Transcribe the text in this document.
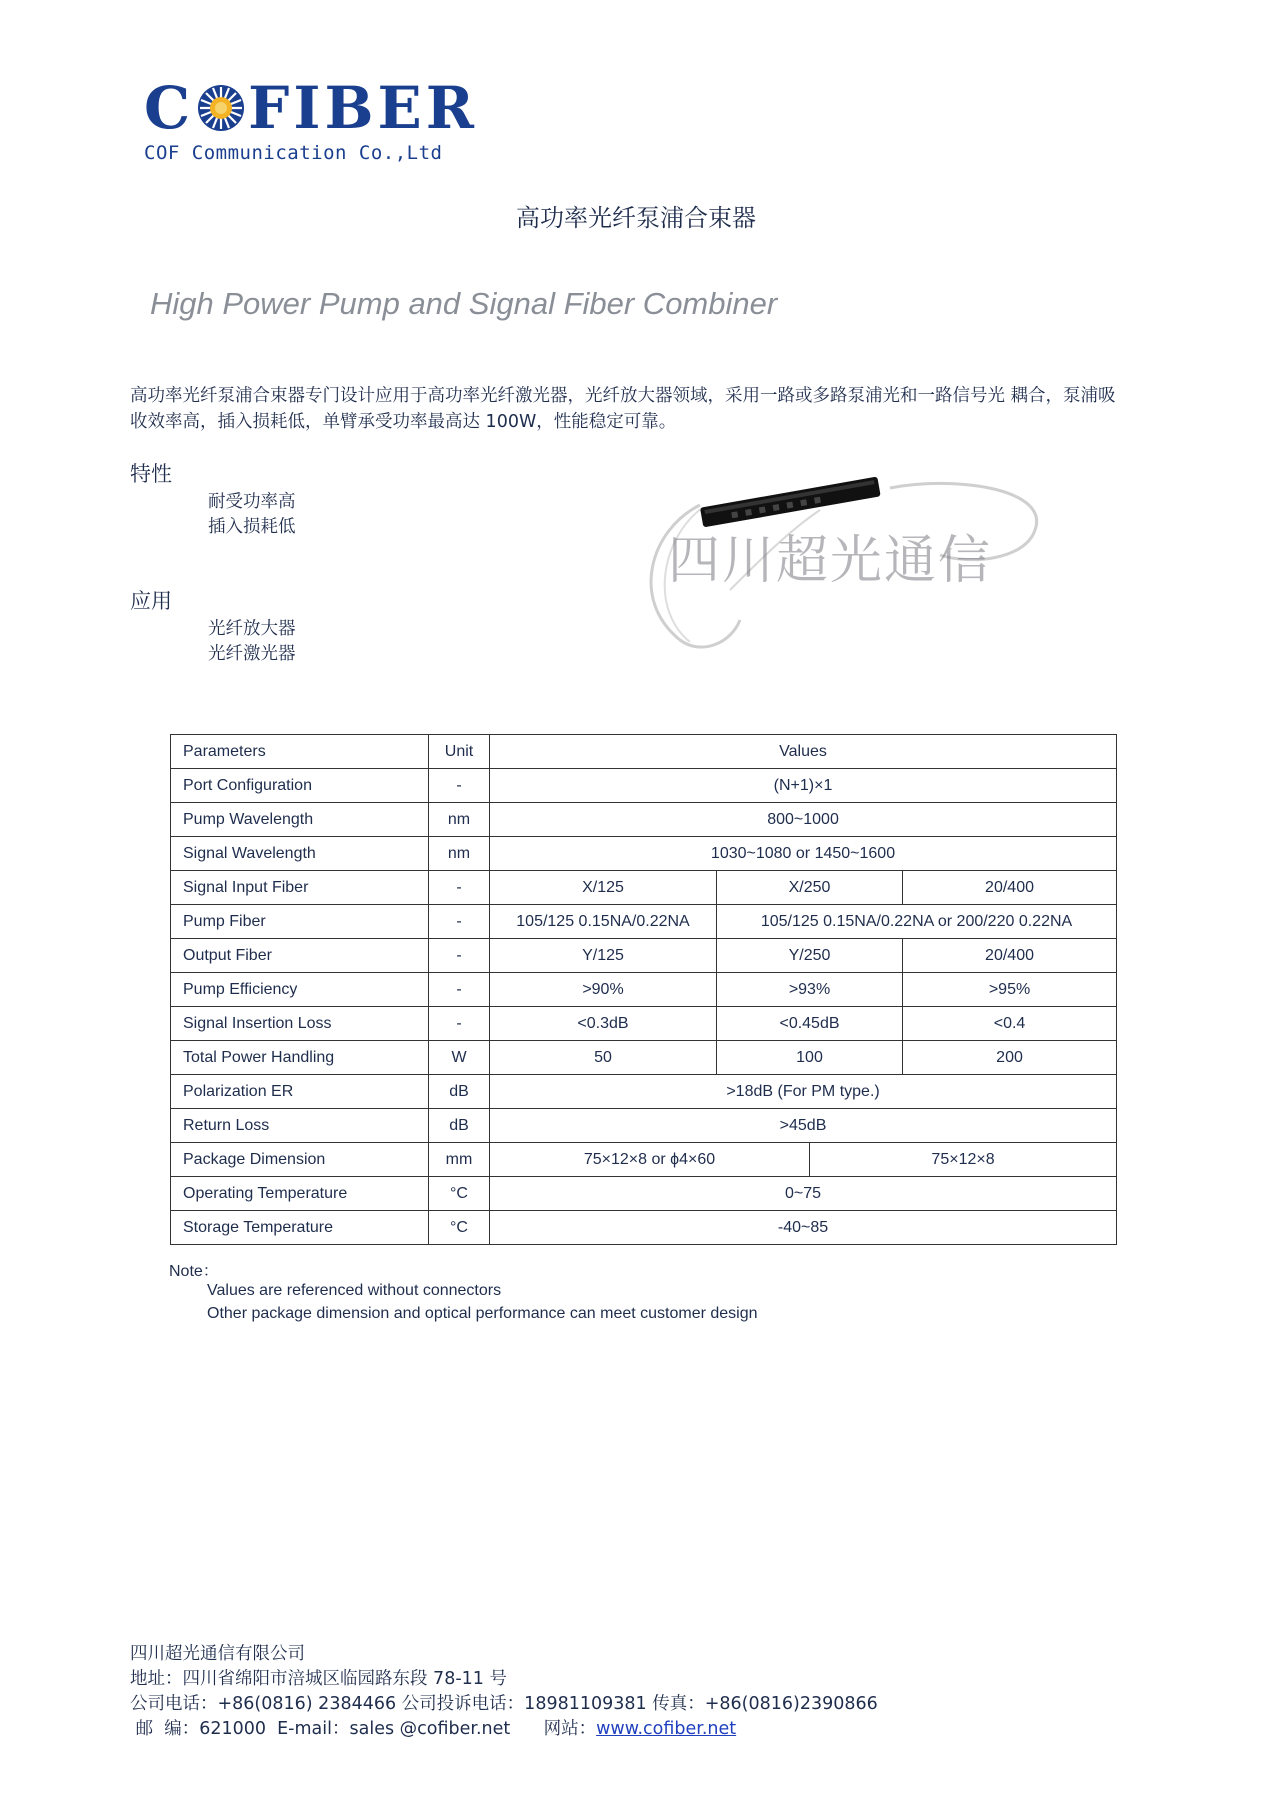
C FIBER
COF Communication Co.,Ltd
高功率光纤泵浦合束器
High Power Pump and Signal Fiber Combiner
高功率光纤泵浦合束器专门设计应用于高功率光纤激光器，光纤放大器领域，采用一路或多路泵浦光和一路信号光 耦合，泵浦吸收效率高，插入损耗低，单臂承受功率最高达 100W，性能稳定可靠。
特性
耐受功率高
插入损耗低
应用
光纤放大器
光纤激光器
四川超光通信
Parameters	Unit	Values			
Port Configuration	-	(N+1)×1			
Pump Wavelength	nm	800~1000			
Signal Wavelength	nm	1030~1080 or 1450~1600			
Signal Input Fiber	-	X/125	X/250		20/400
Pump Fiber	-	105/125 0.15NA/0.22NA	105/125 0.15NA/0.22NA or 200/220 0.22NA		
Output Fiber	-	Y/125	Y/250		20/400
Pump Efficiency	-	>90%	>93%		>95%
Signal Insertion Loss	-	<0.3dB	<0.45dB		<0.4
Total Power Handling	W	50	100		200
Polarization ER	dB	>18dB (For PM type.)			
Return Loss	dB	>45dB			
Package Dimension	mm	75×12×8 or ϕ4×60		75×12×8	
Operating Temperature	°C	0~75			
Storage Temperature	°C	-40~85			
Note：
Values are referenced without connectors
Other package dimension and optical performance can meet customer design
四川超光通信有限公司
地址：四川省绵阳市涪城区临园路东段 78-11 号
公司电话：+86(0816) 2384466 公司投诉电话：18981109381 传真：+86(0816)2390866
邮  编：621000  E-mail：sales @cofiber.net      网站：www.cofiber.net
